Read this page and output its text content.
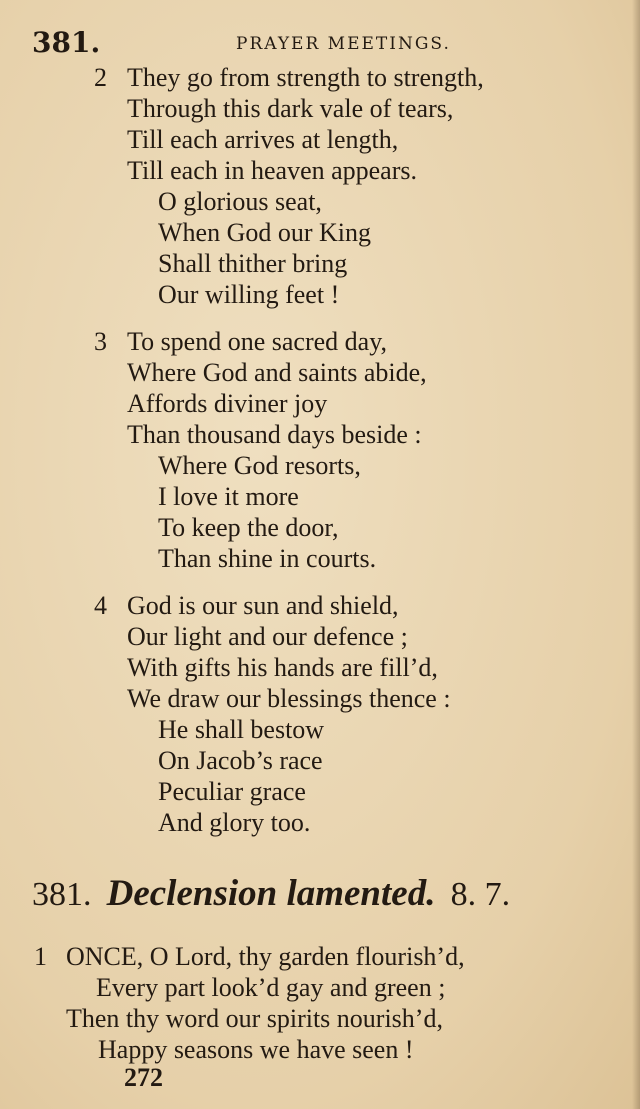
381.	PRAYER MEETINGS.
2 They go from strength to strength,
Through this dark vale of tears,
Till each arrives at length,
Till each in heaven appears.
O glorious seat,
When God our King
Shall thither bring
Our willing feet !
3 To spend one sacred day,
Where God and saints abide,
Affords diviner joy
Than thousand days beside :
Where God resorts,
I love it more
To keep the door,
Than shine in courts.
4 God is our sun and shield,
Our light and our defence ;
With gifts his hands are fill’d,
We draw our blessings thence :
He shall bestow
On Jacob’s race
Peculiar grace
And glory too.
381. Declension lamented. 8. 7.
1 ONCE, O Lord, thy garden flourish’d,
Every part look’d gay and green ;
Then thy word our spirits nourish’d,
Happy seasons we have seen !
272
